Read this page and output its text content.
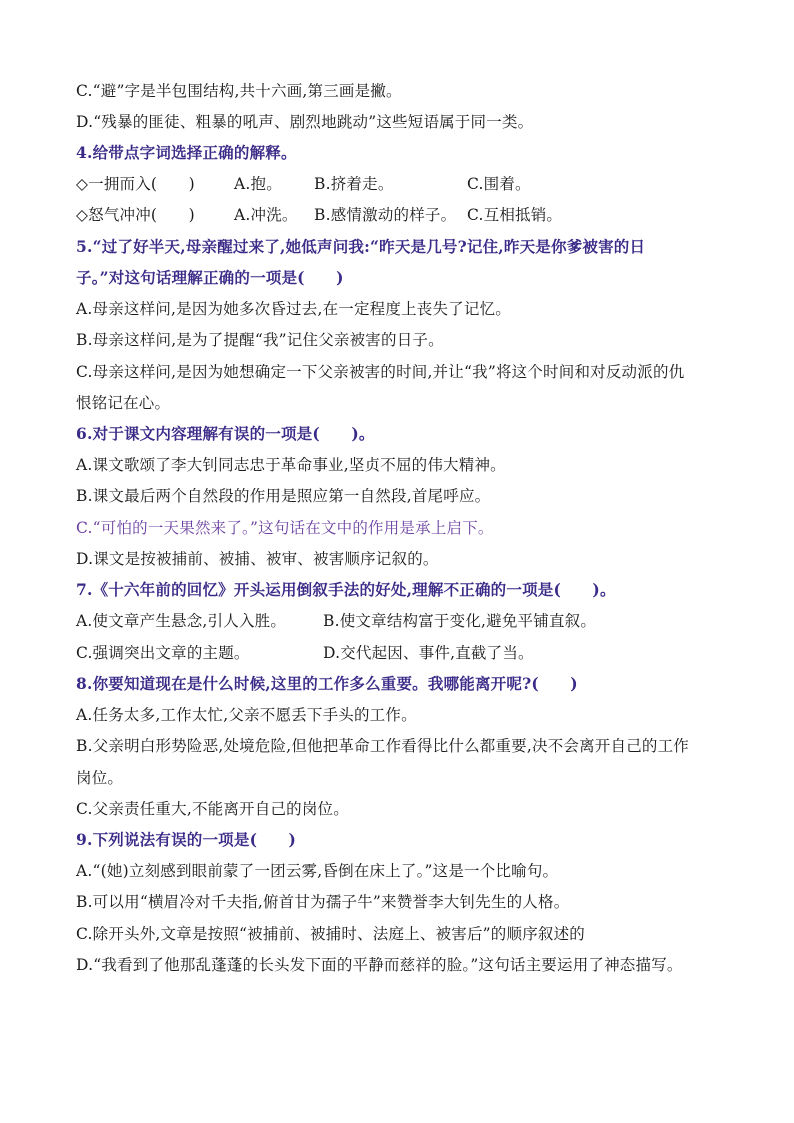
C.“避”字是半包围结构,共十六画,第三画是撇。
D.“残暴的匪徒、粗暴的吼声、剧烈地跳动”这些短语属于同一类。
4.给带点字词选择正确的解释。
◇一拥而入(　　)	A.抱。 B.挤着走。	C.围着。
◇怒气冲冲(　　)	A.冲洗。 B.感情激动的样子。 C.互相抵销。
5.“过了好半天,母亲醒过来了,她低声问我:“昨天是几号?记住,昨天是你爹被害的日
子。”对这句话理解正确的一项是(　　)
A.母亲这样问,是因为她多次昏过去,在一定程度上丧失了记忆。
B.母亲这样问,是为了提醒“我”记住父亲被害的日子。
C.母亲这样问,是因为她想确定一下父亲被害的时间,并让“我”将这个时间和对反动派的仇
恨铭记在心。
6.对于课文内容理解有误的一项是(　　)。
A.课文歌颂了李大钊同志忠于革命事业,坚贞不屈的伟大精神。
B.课文最后两个自然段的作用是照应第一自然段,首尾呼应。
C.“可怕的一天果然来了。”这句话在文中的作用是承上启下。
D.课文是按被捕前、被捕、被审、被害顺序记叙的。
7.《十六年前的回忆》开头运用倒叙手法的好处,理解不正确的一项是(　　)。
A.使文章产生悬念,引人入胜。 B.使文章结构富于变化,避免平铺直叙。
C.强调突出文章的主题。	D.交代起因、事件,直截了当。
8.你要知道现在是什么时候,这里的工作多么重要。我哪能离开呢?(　　)
A.任务太多,工作太忙,父亲不愿丢下手头的工作。
B.父亲明白形势险恶,处境危险,但他把革命工作看得比什么都重要,决不会离开自己的工作
岗位。
C.父亲责任重大,不能离开自己的岗位。
9.下列说法有误的一项是(　　)
A.“(她)立刻感到眼前蒙了一团云雾,昏倒在床上了。”这是一个比喻句。
B.可以用“横眉冷对千夫指,俯首甘为孺子牛”来赞誉李大钊先生的人格。
C.除开头外,文章是按照“被捕前、被捕时、法庭上、被害后”的顺序叙述的
D.“我看到了他那乱蓬蓬的长头发下面的平静而慈祥的脸。”这句话主要运用了神态描写。
